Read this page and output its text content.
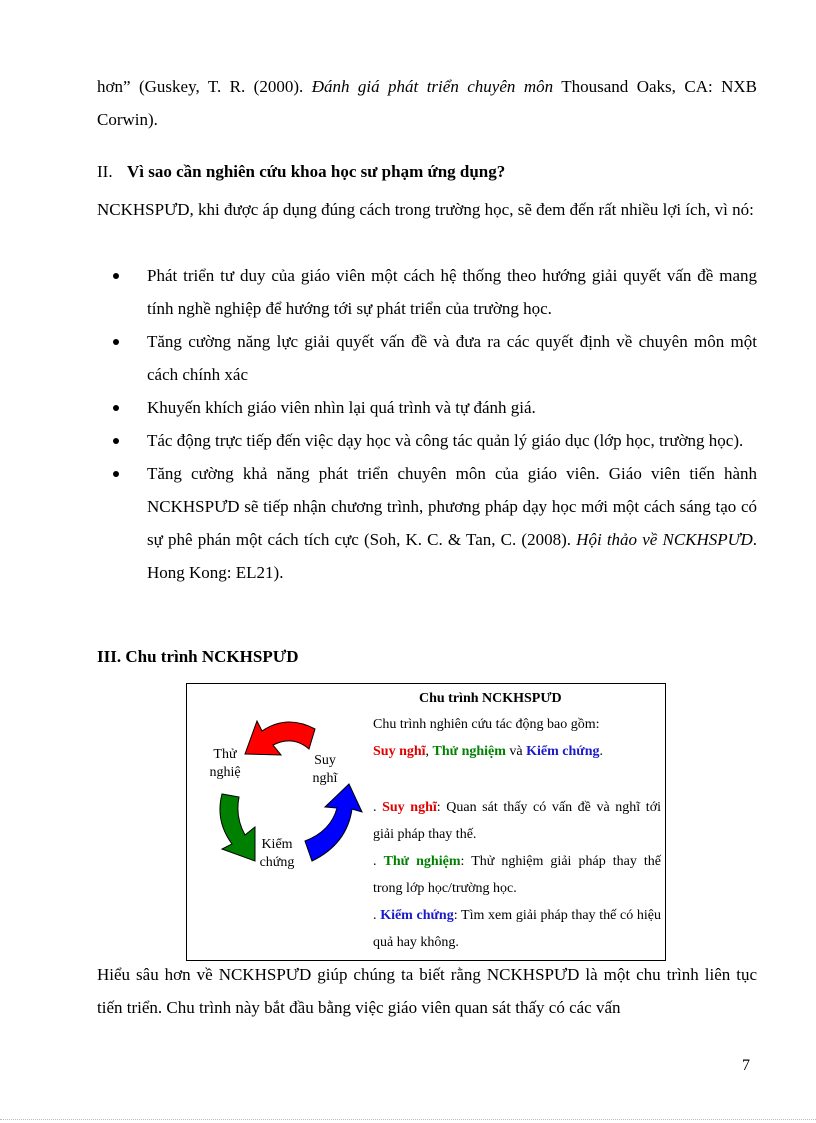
hơn” (Guskey, T. R. (2000). Đánh giá phát triển chuyên môn Thousand Oaks, CA: NXB Corwin).

II. Vì sao cần nghiên cứu khoa học sư phạm ứng dụng?

NCKHSPƯD, khi được áp dụng đúng cách trong trường học, sẽ đem đến rất nhiều lợi ích, vì nó:

Phát triển tư duy của giáo viên một cách hệ thống theo hướng giải quyết vấn đề mang tính nghề nghiệp để hướng tới sự phát triển của trường học.
Tăng cường năng lực giải quyết vấn đề và đưa ra các quyết định về chuyên môn một cách chính xác
Khuyến khích giáo viên nhìn lại quá trình và tự đánh giá.
Tác động trực tiếp đến việc dạy học và công tác quản lý giáo dục (lớp học, trường học).
Tăng cường khả năng phát triển chuyên môn của giáo viên. Giáo viên tiến hành NCKHSPƯD sẽ tiếp nhận chương trình, phương pháp dạy học mới một cách sáng tạo có sự phê phán một cách tích cực (Soh, K. C. & Tan, C. (2008). Hội thảo về NCKHSPƯD. Hong Kong: EL21).
III. Chu trình NCKHSPƯD
Thử
nghiệ
Suy
nghĩ
Kiểm
chứng
Chu trình NCKHSPƯD
Chu trình nghiên cứu tác động bao gồm:
Suy nghĩ, Thử nghiệm và Kiểm chứng.
. Suy nghĩ: Quan sát thấy có vấn đề và nghĩ tới giải pháp thay thế.
. Thử nghiệm: Thử nghiệm giải pháp thay thế trong lớp học/trường học.
. Kiểm chứng: Tìm xem giải pháp thay thế có hiệu quả hay không.

Hiểu sâu hơn về NCKHSPƯD giúp chúng ta biết rằng NCKHSPƯD là một chu trình liên tục tiến triển. Chu trình này bắt đầu bằng việc giáo viên quan sát thấy có các vấn

7
